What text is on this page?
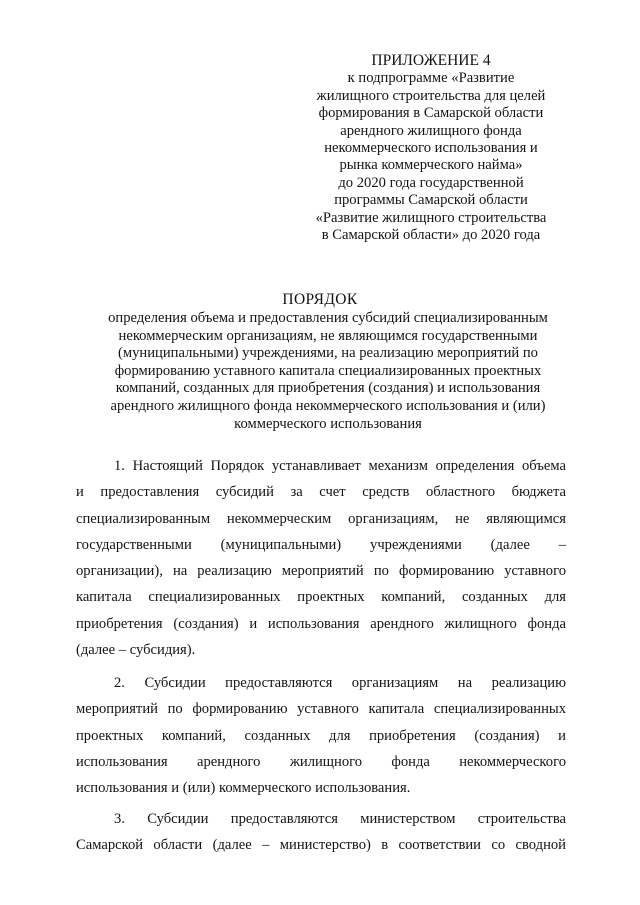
ПРИЛОЖЕНИЕ 4
к подпрограмме «Развитие
жилищного строительства для целей
формирования в Самарской области
арендного жилищного фонда
некоммерческого использования и
рынка коммерческого найма»
до 2020 года государственной
программы Самарской области
«Развитие жилищного строительства
в Самарской области» до 2020 года
ПОРЯДОК
определения объема и предоставления субсидий специализированным
некоммерческим организациям, не являющимся государственными
(муниципальными) учреждениями, на реализацию мероприятий по
формированию уставного капитала специализированных проектных
компаний, созданных для приобретения (создания) и использования
арендного жилищного фонда некоммерческого использования и (или)
коммерческого использования
1. Настоящий Порядок устанавливает механизм определения объема
и предоставления субсидий за счет средств областного бюджета
специализированным некоммерческим организациям, не являющимся
государственными (муниципальными) учреждениями (далее –
организации), на реализацию мероприятий по формированию уставного
капитала специализированных проектных компаний, созданных для
приобретения (создания) и использования арендного жилищного фонда
(далее – субсидия).
2. Субсидии предоставляются организациям на реализацию
мероприятий по формированию уставного капитала специализированных
проектных компаний, созданных для приобретения (создания) и
использования арендного жилищного фонда некоммерческого
использования и (или) коммерческого использования.
3. Субсидии предоставляются министерством строительства
Самарской области (далее – министерство) в соответствии со сводной
